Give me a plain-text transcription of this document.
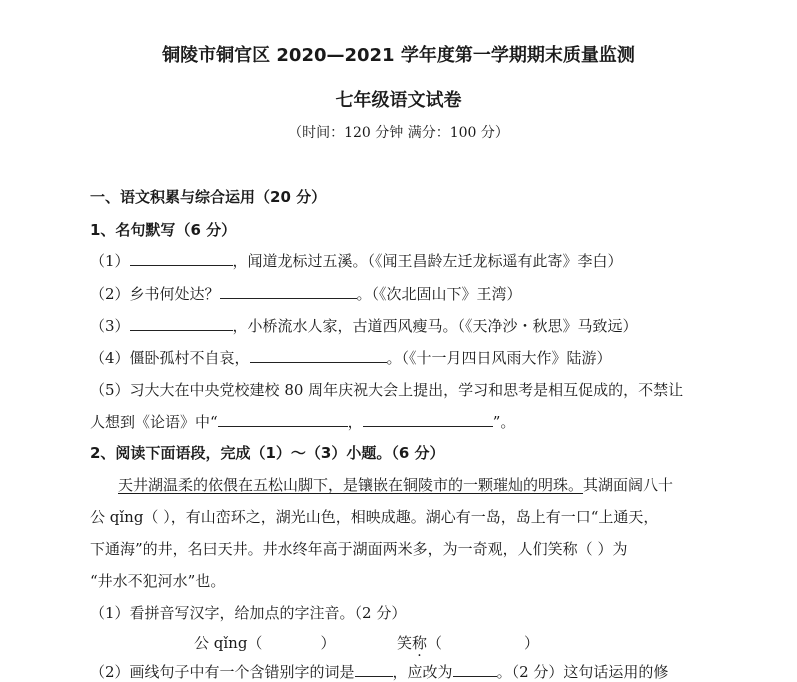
铜陵市铜官区 2020—2021 学年度第一学期期末质量监测
七年级语文试卷
（时间：120 分钟 满分：100 分）
一、语文积累与综合运用（20 分）
1、名句默写（6 分）
（1）	，闻道龙标过五溪。（《闻王昌龄左迁龙标遥有此寄》李白）
（2）乡书何处达？	。（《次北固山下》王湾）
（3）	，小桥流水人家，古道西风瘦马。（《天净沙・秋思》马致远）
（4）僵卧孤村不自哀，	。（《十一月四日风雨大作》陆游）
（5）习大大在中央党校建校 80 周年庆祝大会上提出，学习和思考是相互促成的，不禁让
人想到《论语》中“	，	”。
2、阅读下面语段，完成（1）～（3）小题。（6 分）
天井湖温柔的依偎在五松山脚下，是镶嵌在铜陵市的一颗璀灿的明珠。其湖面阔八十
公 qǐng（ ），有山峦环之，湖光山色，相映成趣。湖心有一岛，岛上有一口“上通天，
下通海”的井，名曰天井。井水终年高于湖面两米多，为一奇观，人们笑称（ ）为
“井水不犯河水”也。
（1）看拼音写汉字，给加点的字注音。（2 分）
公 qǐng（	）	笑称（	）
（2）画线句子中有一个含错别字的词是	，应改为	。（2 分）这句话运用的修
